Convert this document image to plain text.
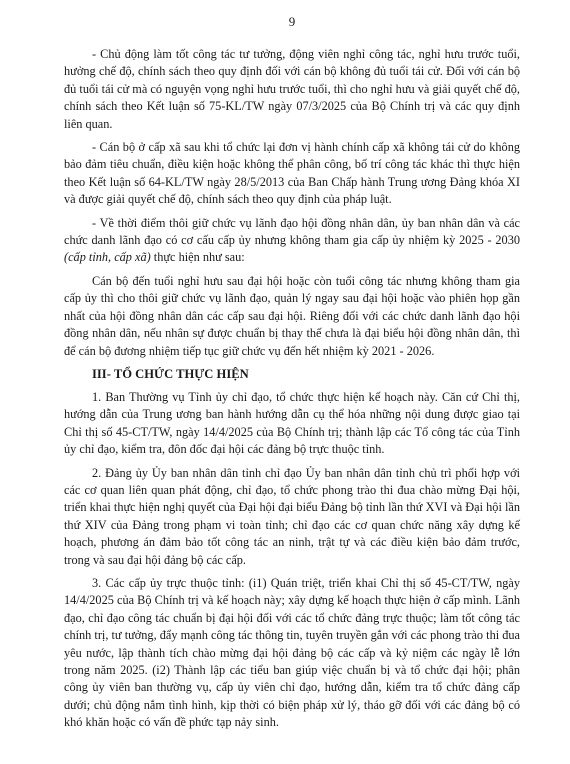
9

- Chủ động làm tốt công tác tư tưởng, động viên nghỉ công tác, nghỉ hưu trước tuổi, hưởng chế độ, chính sách theo quy định đối với cán bộ không đủ tuổi tái cử. Đối với cán bộ đủ tuổi tái cử mà có nguyện vọng nghỉ hưu trước tuổi, thì cho nghỉ hưu và giải quyết chế độ, chính sách theo Kết luận số 75-KL/TW ngày 07/3/2025 của Bộ Chính trị và các quy định liên quan.

- Cán bộ ở cấp xã sau khi tổ chức lại đơn vị hành chính cấp xã không tái cử do không bảo đảm tiêu chuẩn, điều kiện hoặc không thể phân công, bố trí công tác khác thì thực hiện theo Kết luận số 64-KL/TW ngày 28/5/2013 của Ban Chấp hành Trung ương Đảng khóa XI và được giải quyết chế độ, chính sách theo quy định của pháp luật.

- Về thời điểm thôi giữ chức vụ lãnh đạo hội đồng nhân dân, ủy ban nhân dân và các chức danh lãnh đạo có cơ cấu cấp ủy nhưng không tham gia cấp ủy nhiệm kỳ 2025 - 2030 (cấp tỉnh, cấp xã) thực hiện như sau:

Cán bộ đến tuổi nghỉ hưu sau đại hội hoặc còn tuổi công tác nhưng không tham gia cấp ủy thì cho thôi giữ chức vụ lãnh đạo, quản lý ngay sau đại hội hoặc vào phiên họp gần nhất của hội đồng nhân dân các cấp sau đại hội. Riêng đối với các chức danh lãnh đạo hội đồng nhân dân, nếu nhân sự được chuẩn bị thay thế chưa là đại biểu hội đồng nhân dân, thì để cán bộ đương nhiệm tiếp tục giữ chức vụ đến hết nhiệm kỳ 2021 - 2026.

III- TỔ CHỨC THỰC HIỆN

1. Ban Thường vụ Tỉnh ủy chỉ đạo, tổ chức thực hiện kế hoạch này. Căn cứ Chỉ thị, hướng dẫn của Trung ương ban hành hướng dẫn cụ thể hóa những nội dung được giao tại Chỉ thị số 45-CT/TW, ngày 14/4/2025 của Bộ Chính trị; thành lập các Tổ công tác của Tỉnh ủy chỉ đạo, kiểm tra, đôn đốc đại hội các đảng bộ trực thuộc tỉnh.

2. Đảng ủy Ủy ban nhân dân tỉnh chỉ đạo Ủy ban nhân dân tỉnh chủ trì phối hợp với các cơ quan liên quan phát động, chỉ đạo, tổ chức phong trào thi đua chào mừng Đại hội, triển khai thực hiện nghị quyết của Đại hội đại biểu Đảng bộ tỉnh lần thứ XVI và Đại hội lần thứ XIV của Đảng trong phạm vi toàn tỉnh; chỉ đạo các cơ quan chức năng xây dựng kế hoạch, phương án đảm bảo tốt công tác an ninh, trật tự và các điều kiện bảo đảm trước, trong và sau đại hội đảng bộ các cấp.

3. Các cấp ủy trực thuộc tỉnh: (i1) Quán triệt, triển khai Chỉ thị số 45-CT/TW, ngày 14/4/2025 của Bộ Chính trị và kế hoạch này; xây dựng kế hoạch thực hiện ở cấp mình. Lãnh đạo, chỉ đạo công tác chuẩn bị đại hội đối với các tổ chức đảng trực thuộc; làm tốt công tác chính trị, tư tưởng, đẩy mạnh công tác thông tin, tuyên truyền gắn với các phong trào thi đua yêu nước, lập thành tích chào mừng đại hội đảng bộ các cấp và kỷ niệm các ngày lễ lớn trong năm 2025. (i2) Thành lập các tiểu ban giúp việc chuẩn bị và tổ chức đại hội; phân công ủy viên ban thường vụ, cấp ủy viên chỉ đạo, hướng dẫn, kiểm tra tổ chức đảng cấp dưới; chủ động nắm tình hình, kịp thời có biện pháp xử lý, tháo gỡ đối với các đảng bộ có khó khăn hoặc có vấn đề phức tạp nảy sinh.
